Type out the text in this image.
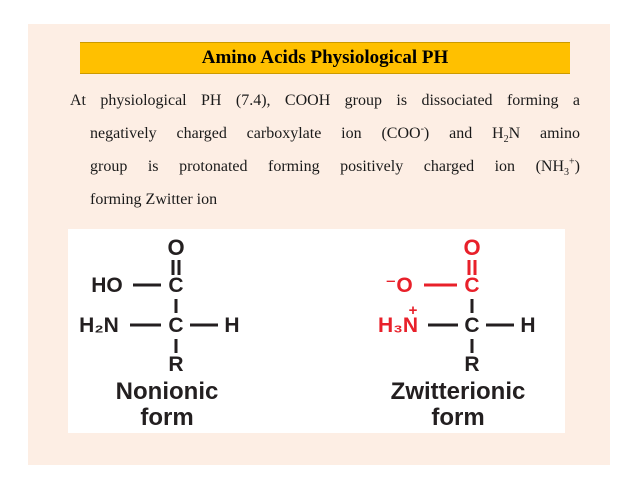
Amino Acids Physiological PH
At physiological PH (7.4), COOH group is dissociated forming a
negatively charged carboxylate ion (COO-) and $H_2N$ amino
group is protonated forming positively charged ion $(NH_3^+)$
forming Zwitter ion
O
HO C
H₂N C H
R
Nonionic
form
O
⁻O C
+
H₃N C H
R
Zwitterionic
form
